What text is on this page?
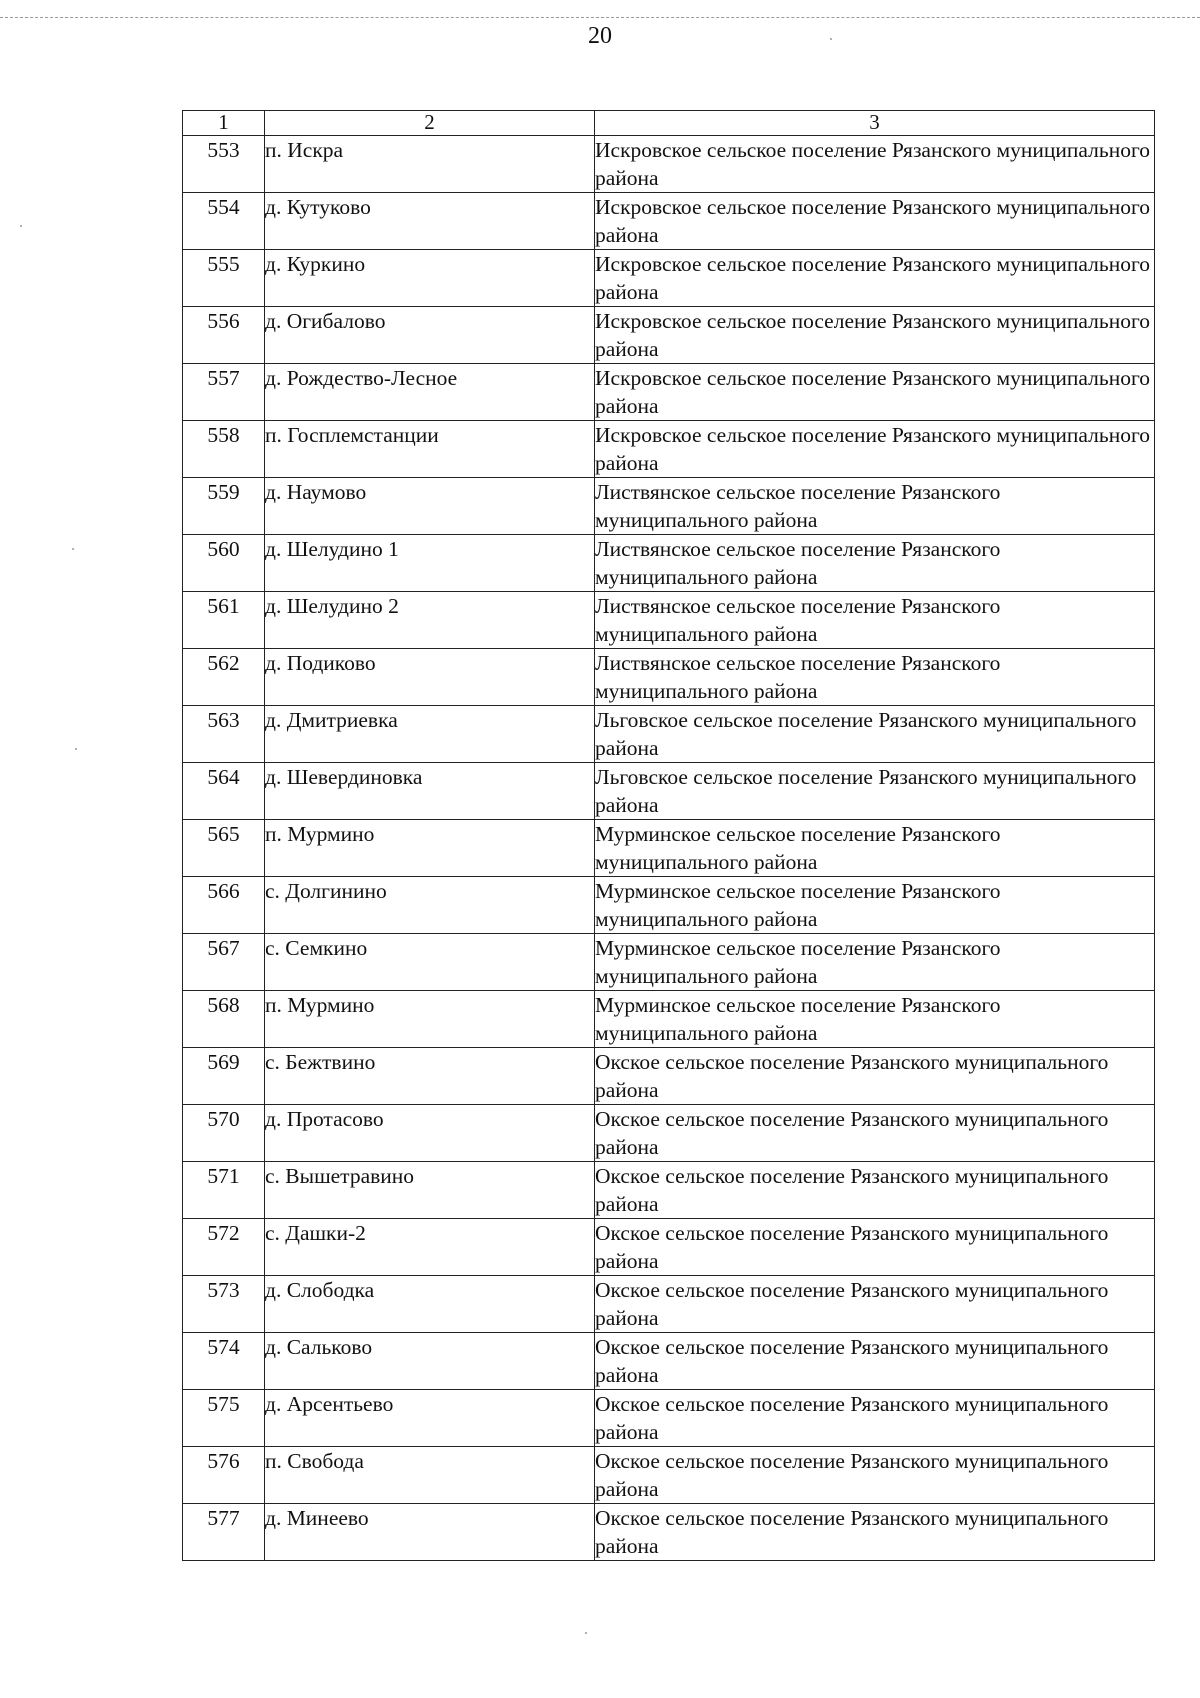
20
1	2	3
553	п. Искра	Искровское сельское поселение Рязанского муниципального района
554	д. Кутуково	Искровское сельское поселение Рязанского муниципального района
555	д. Куркино	Искровское сельское поселение Рязанского муниципального района
556	д. Огибалово	Искровское сельское поселение Рязанского муниципального района
557	д. Рождество-Лесное	Искровское сельское поселение Рязанского муниципального района
558	п. Госплемстанции	Искровское сельское поселение Рязанского муниципального района
559	д. Наумово	Листвянское сельское поселение Рязанского муниципального района
560	д. Шелудино 1	Листвянское сельское поселение Рязанского муниципального района
561	д. Шелудино 2	Листвянское сельское поселение Рязанского муниципального района
562	д. Подиково	Листвянское сельское поселение Рязанского муниципального района
563	д. Дмитриевка	Льговское сельское поселение Рязанского муниципального района
564	д. Шевердиновка	Льговское сельское поселение Рязанского муниципального района
565	п. Мурмино	Мурминское сельское поселение Рязанского муниципального района
566	с. Долгинино	Мурминское сельское поселение Рязанского муниципального района
567	с. Семкино	Мурминское сельское поселение Рязанского муниципального района
568	п. Мурмино	Мурминское сельское поселение Рязанского муниципального района
569	с. Бежтвино	Окское сельское поселение Рязанского муниципального района
570	д. Протасово	Окское сельское поселение Рязанского муниципального района
571	с. Вышетравино	Окское сельское поселение Рязанского муниципального района
572	с. Дашки-2	Окское сельское поселение Рязанского муниципального района
573	д. Слободка	Окское сельское поселение Рязанского муниципального района
574	д. Сальково	Окское сельское поселение Рязанского муниципального района
575	д. Арсентьево	Окское сельское поселение Рязанского муниципального района
576	п. Свобода	Окское сельское поселение Рязанского муниципального района
577	д. Минеево	Окское сельское поселение Рязанского муниципального района
